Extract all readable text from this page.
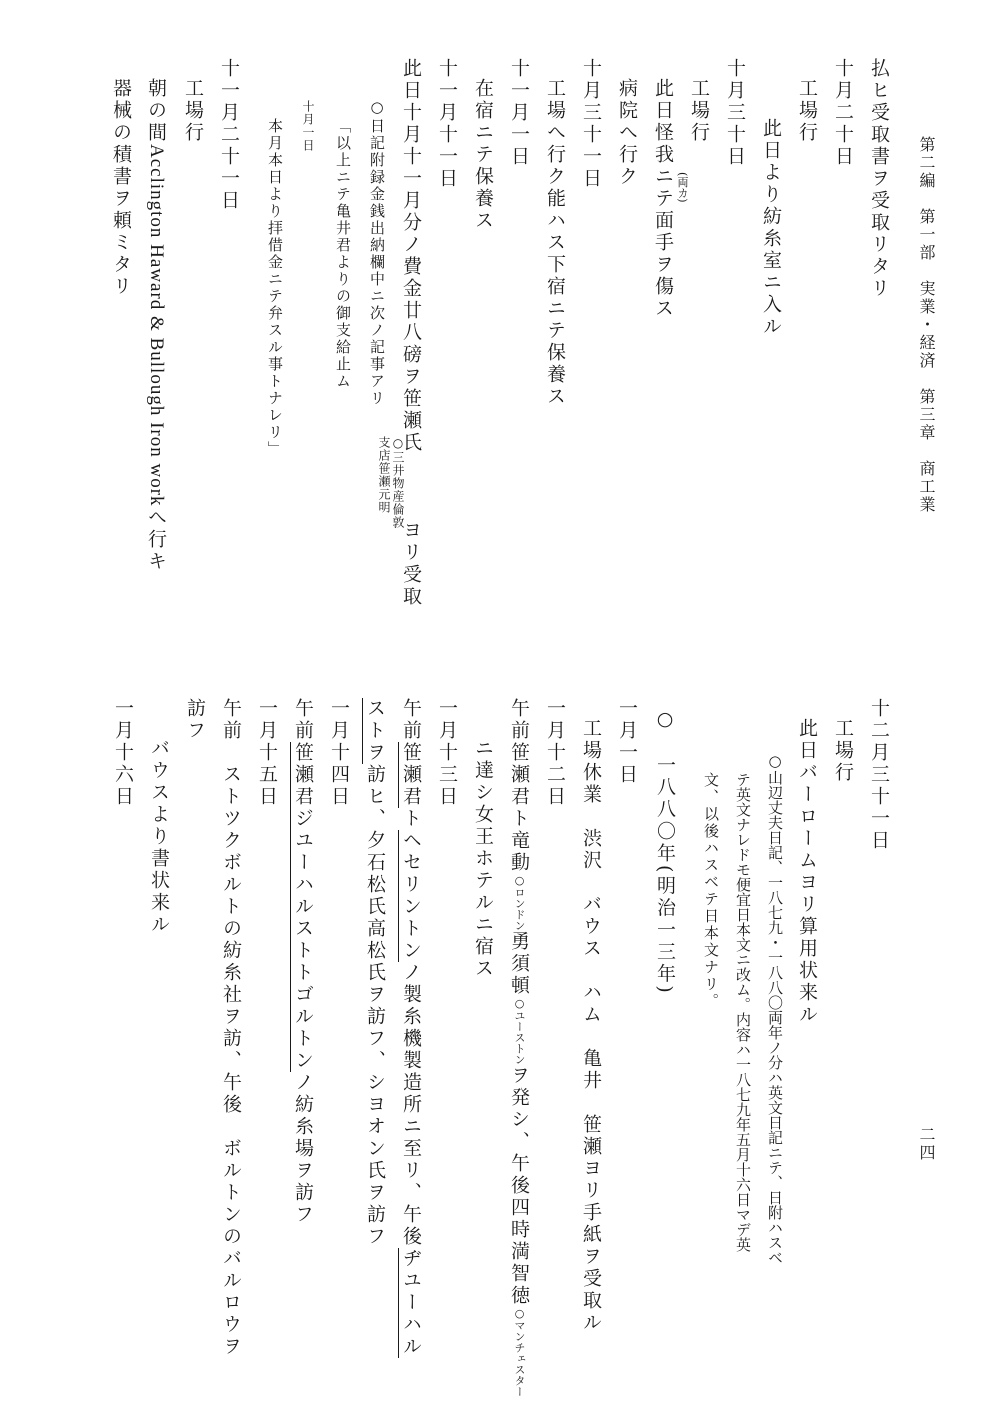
第二編　第一部　実業・経済　第三章　商工業
二四
払ヒ受取書ヲ受取リタリ
十月二十日
工場行
此日より紡糸室ニ入ル
十月三十日
工場行
(両カ)
此日怪我ニテ面手ヲ傷ス
病院へ行ク
十月三十一日
工場へ行ク能ハス下宿ニテ保養ス
十一月一日
在宿ニテ保養ス
十一月十一日
此日十月十一月分ノ費金廿八磅ヲ笹瀬氏
○三井物産倫敦
支店笹瀬元明
ヨリ受取
○日記附録金銭出納欄中ニ次ノ記事アリ
「以上ニテ亀井君よりの御支給止ム
十月一日
本月本日より拝借金ニテ弁スル事トナレリ」
十一月二十一日
工場行
朝の間Acclington Haward & Bullough Iron workへ行キ
器械の積書ヲ頼ミタリ
十二月三十一日
工場行
此日バーロームヨリ算用状来ル
○山辺丈夫日記、一八七九・一八八〇両年ノ分ハ英文日記ニテ、日附ハスベ
テ英文ナレドモ便宜日本文ニ改ム。内容ハ一八七九年五月十六日マデ英
文、以後ハスベテ日本文ナリ。
○　一八八〇年(明治一三年)
一月一日
工場休業　渋沢　バウス　ハム　亀井　笹瀬ヨリ手紙ヲ受取ル
一月十二日
午前笹瀬君ト竜動○ロンドン勇須頓○ユーストンヲ発シ、午後四時満智徳○マンチェスター
ニ達シ女王ホテルニ宿ス
一月十三日
午前笹瀬君トヘセリントンノ製糸機製造所ニ至リ、午後ヂユーハル
ストヲ訪ヒ、夕石松氏高松氏ヲ訪フ、シヨオン氏ヲ訪フ
一月十四日
午前笹瀬君ジユーハルストトゴルトンノ紡糸場ヲ訪フ
一月十五日
午前　ストツクボルトの紡糸社ヲ訪、午後　ボルトンのバルロウヲ
訪フ
バウスより書状来ル
一月十六日
